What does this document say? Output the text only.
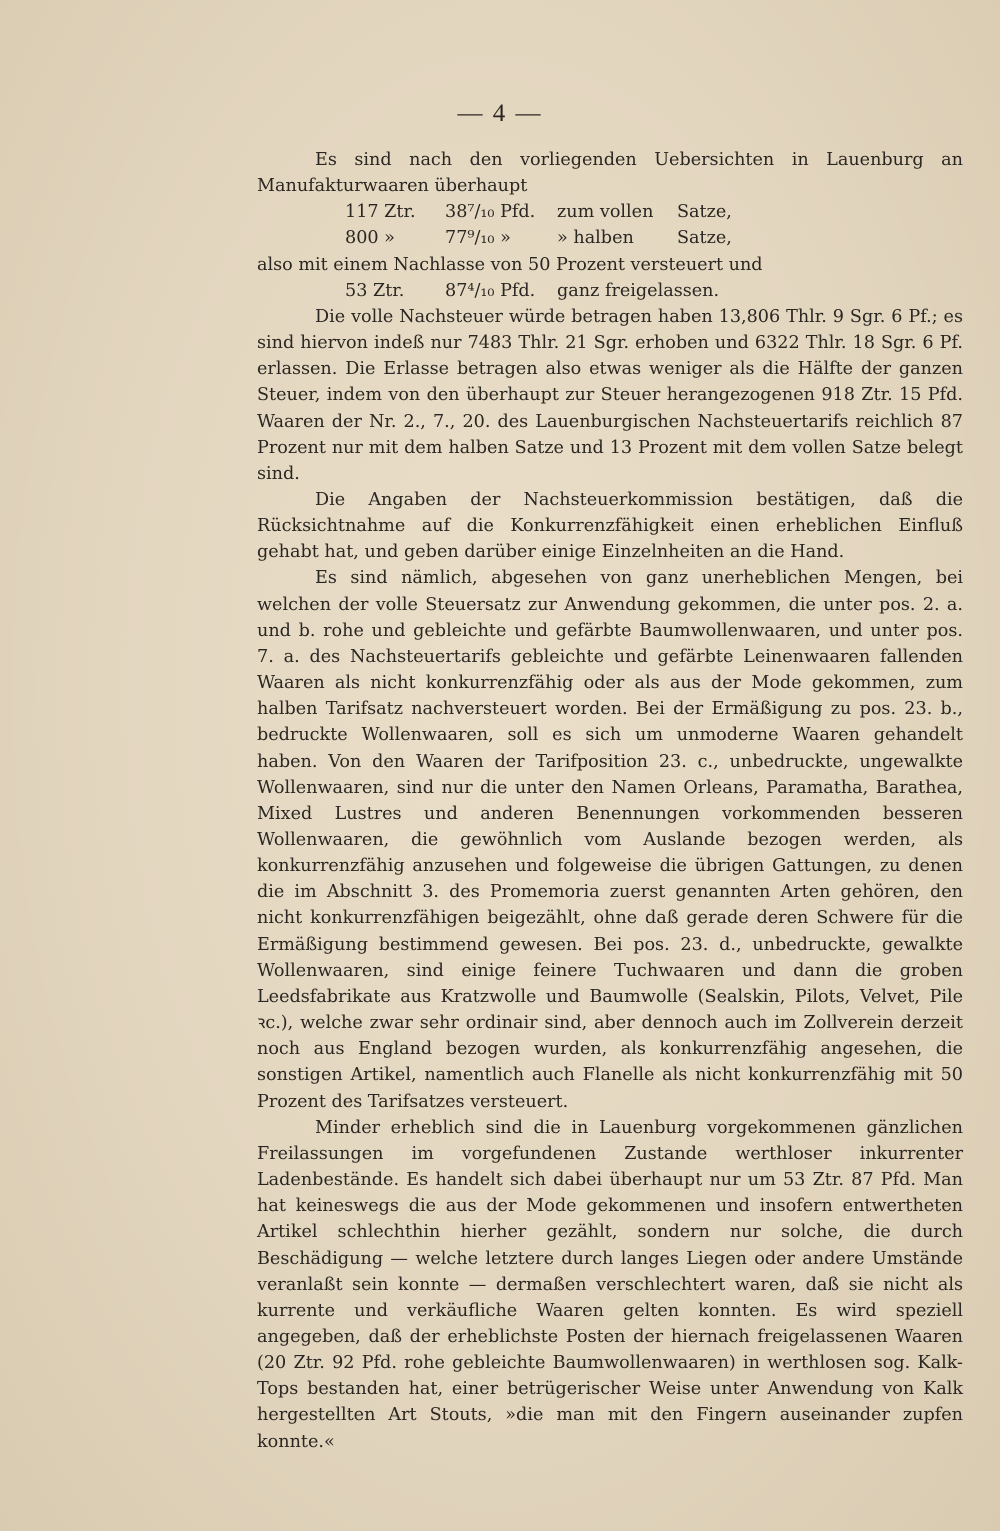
— 4 —

Es sind nach den vorliegenden Uebersichten in Lauenburg an Manufakturwaaren überhaupt

117 Ztr.	38⁷/₁₀ Pfd.	zum vollen	Satze,
800 »	77⁹/₁₀ »	» halben	Satze,

also mit einem Nachlasse von 50 Prozent versteuert und

53 Ztr.	87⁴/₁₀ Pfd.	ganz freigelassen.

Die volle Nachsteuer würde betragen haben 13,806 Thlr. 9 Sgr. 6 Pf.; es sind hiervon indeß nur 7483 Thlr. 21 Sgr. erhoben und 6322 Thlr. 18 Sgr. 6 Pf. erlassen. Die Erlasse betragen also etwas weniger als die Hälfte der ganzen Steuer, indem von den überhaupt zur Steuer herangezogenen 918 Ztr. 15 Pfd. Waaren der Nr. 2., 7., 20. des Lauenburgischen Nachsteuertarifs reichlich 87 Prozent nur mit dem halben Satze und 13 Prozent mit dem vollen Satze belegt sind.

Die Angaben der Nachsteuerkommission bestätigen, daß die Rücksichtnahme auf die Konkurrenzfähigkeit einen erheblichen Einfluß gehabt hat, und geben darüber einige Einzelnheiten an die Hand.

Es sind nämlich, abgesehen von ganz unerheblichen Mengen, bei welchen der volle Steuersatz zur Anwendung gekommen, die unter pos. 2. a. und b. rohe und gebleichte und gefärbte Baumwollenwaaren, und unter pos. 7. a. des Nachsteuertarifs gebleichte und gefärbte Leinenwaaren fallenden Waaren als nicht konkurrenzfähig oder als aus der Mode gekommen, zum halben Tarifsatz nachversteuert worden. Bei der Ermäßigung zu pos. 23. b., bedruckte Wollenwaaren, soll es sich um unmoderne Waaren gehandelt haben. Von den Waaren der Tarifposition 23. c., unbedruckte, ungewalkte Wollenwaaren, sind nur die unter den Namen Orleans, Paramatha, Barathea, Mixed Lustres und anderen Benennungen vorkommenden besseren Wollenwaaren, die gewöhnlich vom Auslande bezogen werden, als konkurrenzfähig anzusehen und folgeweise die übrigen Gattungen, zu denen die im Abschnitt 3. des Promemoria zuerst genannten Arten gehören, den nicht konkurrenzfähigen beigezählt, ohne daß gerade deren Schwere für die Ermäßigung bestimmend gewesen. Bei pos. 23. d., unbedruckte, gewalkte Wollenwaaren, sind einige feinere Tuchwaaren und dann die groben Leedsfabrikate aus Kratzwolle und Baumwolle (Sealskin, Pilots, Velvet, Pile ꝛc.), welche zwar sehr ordinair sind, aber dennoch auch im Zollverein derzeit noch aus England bezogen wurden, als konkurrenzfähig angesehen, die sonstigen Artikel, namentlich auch Flanelle als nicht konkurrenzfähig mit 50 Prozent des Tarifsatzes versteuert.

Minder erheblich sind die in Lauenburg vorgekommenen gänzlichen Freilassungen im vorgefundenen Zustande werthloser inkurrenter Ladenbestände. Es handelt sich dabei überhaupt nur um 53 Ztr. 87 Pfd. Man hat keineswegs die aus der Mode gekommenen und insofern entwertheten Artikel schlechthin hierher gezählt, sondern nur solche, die durch Beschädigung — welche letztere durch langes Liegen oder andere Umstände veranlaßt sein konnte — dermaßen verschlechtert waren, daß sie nicht als kurrente und verkäufliche Waaren gelten konnten. Es wird speziell angegeben, daß der erheblichste Posten der hiernach freigelassenen Waaren (20 Ztr. 92 Pfd. rohe gebleichte Baumwollenwaaren) in werthlosen sog. Kalk-Tops bestanden hat, einer betrügerischer Weise unter Anwendung von Kalk hergestellten Art Stouts, »die man mit den Fingern auseinander zupfen konnte.«
